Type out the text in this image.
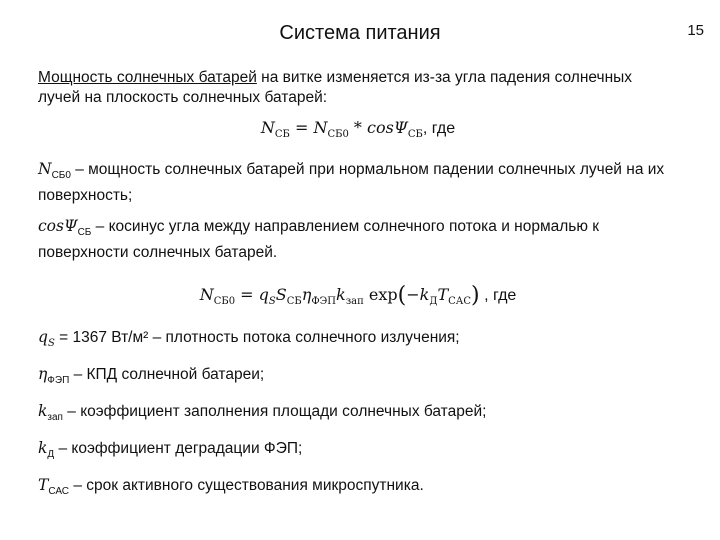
Система питания	15

Мощность солнечных батарей на витке изменяется из-за угла падения солнечных лучей на плоскость солнечных батарей:

$N_{СБ} = N_{СБ0} * \cos\Psi_{СБ}$, где

$N_{СБ0}$ – мощность солнечных батарей при нормальном падении солнечных лучей на их поверхность;

cosΨ$_{СБ}$ – косинус угла между направлением солнечного потока и нормалью к поверхности солнечных батарей.

$N_{СБ0} = q_SS_{СБ}\eta_{ФЭП}k_{зап}$ $\exp(-k_ДT_{САС})$ , где

$q_S = 1367$ Вт/м² – плотность потока солнечного излучения;

$\eta_{ФЭП}$ – КПД солнечной батареи;

$k_{зап}$ – коэффициент заполнения площади солнечных батарей;

$k_Д$ – коэффициент деградации ФЭП;

$T_{САС}$ – срок активного существования микроспутника.
